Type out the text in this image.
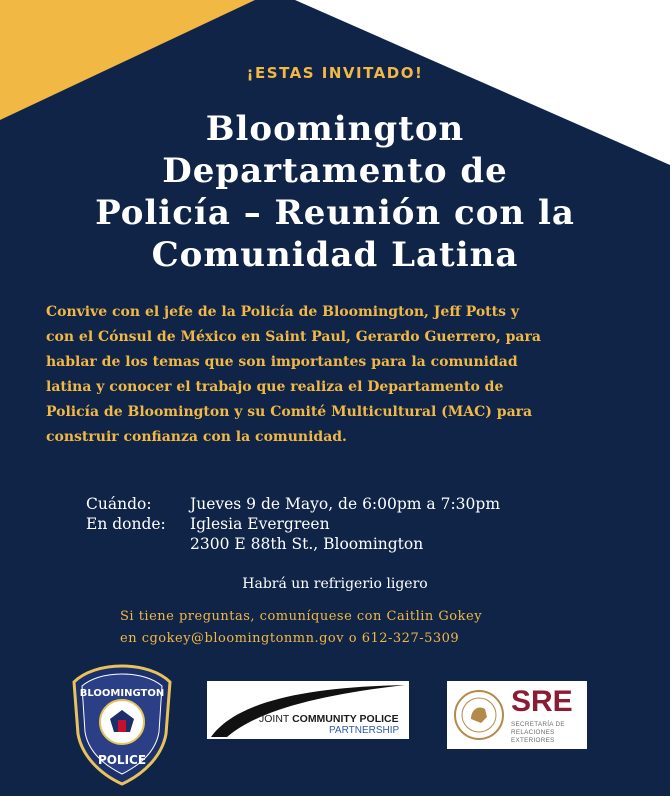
¡ESTAS INVITADO!
Bloomington
Departamento de
Policía – Reunión con la
Comunidad Latina
Convive con el jefe de la Policía de Bloomington, Jeff Potts y
con el Cónsul de México en Saint Paul, Gerardo Guerrero, para
hablar de los temas que son importantes para la comunidad
latina y conocer el trabajo que realiza el Departamento de
Policía de Bloomington y su Comité Multicultural (MAC) para
construir confianza con la comunidad.
Cuándo:	Jueves 9 de Mayo, de 6:00pm a 7:30pm
En donde:	Iglesia Evergreen
2300 E 88th St., Bloomington
Habrá un refrigerio ligero
Si tiene preguntas, comuníquese con Caitlin Gokey
en cgokey@bloomingtonmn.gov o 612-327-5309
BLOOMINGTON
POLICE
JOINT COMMUNITY POLICE
PARTNERSHIP
SRE
SECRETARÍA DE
RELACIONES
EXTERIORES
